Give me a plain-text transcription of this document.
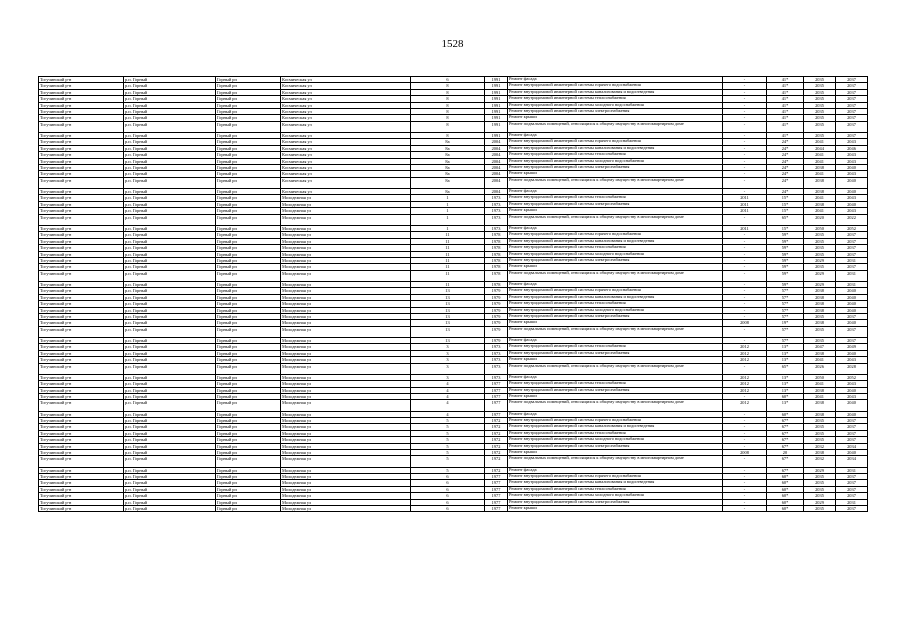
1528
Тогучинский р-н	р.п. Горный	Горный рп	Космическая ул	6	1991	Ремонт фасада	-	41*	2035	2037
Тогучинский р-н	р.п. Горный	Горный рп	Космическая ул	8	1991	Ремонт внутридомовой инженерной системы горячего водоснабжения	-	41*	2035	2037
Тогучинский р-н	р.п. Горный	Горный рп	Космическая ул	8	1991	Ремонт внутридомовой инженерной системы канализования и водоотведения	-	41*	2035	2037
Тогучинский р-н	р.п. Горный	Горный рп	Космическая ул	8	1991	Ремонт внутридомовой инженерной системы теплоснабжения	-	41*	2035	2037
Тогучинский р-н	р.п. Горный	Горный рп	Космическая ул	8	1991	Ремонт внутридомовой инженерной системы холодного водоснабжения	-	41*	2035	2037
Тогучинский р-н	р.п. Горный	Горный рп	Космическая ул	8	1991	Ремонт внутридомовой инженерной системы электроснабжения	-	41*	2035	2037
Тогучинский р-н	р.п. Горный	Горный рп	Космическая ул	8	1991	Ремонт крыши	-	41*	2035	2037
Тогучинский р-н	р.п. Горный	Горный рп	Космическая ул	8	1991	Ремонт подвальных помещений, относящихся к общему имуществу в многоквартирном доме	-	41*	2035	2037
Тогучинский р-н	р.п. Горный	Горный рп	Космическая ул	8	1991	Ремонт фасада	-	41*	2035	2037
Тогучинский р-н	р.п. Горный	Горный рп	Космическая ул	8а	2004	Ремонт внутридомовой инженерной системы горячего водоснабжения	-	24*	2041	2043
Тогучинский р-н	р.п. Горный	Горный рп	Космическая ул	8а	2004	Ремонт внутридомовой инженерной системы канализования и водоотведения	-	24*	2044	2046
Тогучинский р-н	р.п. Горный	Горный рп	Космическая ул	8а	2004	Ремонт внутридомовой инженерной системы теплоснабжения	-	24*	2041	2043
Тогучинский р-н	р.п. Горный	Горный рп	Космическая ул	8а	2004	Ремонт внутридомовой инженерной системы холодного водоснабжения	-	24*	2041	2043
Тогучинский р-н	р.п. Горный	Горный рп	Космическая ул	8а	2004	Ремонт внутридомовой инженерной системы электроснабжения	-	24*	2038	2040
Тогучинский р-н	р.п. Горный	Горный рп	Космическая ул	8а	2004	Ремонт крыши	-	24*	2041	2043
Тогучинский р-н	р.п. Горный	Горный рп	Космическая ул	8а	2004	Ремонт подвальных помещений, относящихся к общему имуществу в многоквартирном доме	-	24*	2038	2040
Тогучинский р-н	р.п. Горный	Горный рп	Космическая ул	8а	2004	Ремонт фасада	-	24*	2038	2040
Тогучинский р-н	р.п. Горный	Горный рп	Молодежная ул	1	1973	Ремонт внутридомовой инженерной системы теплоснабжения	2011	15*	2041	2043
Тогучинский р-н	р.п. Горный	Горный рп	Молодежная ул	1	1973	Ремонт внутридомовой инженерной системы электроснабжения	2011	15*	2038	2040
Тогучинский р-н	р.п. Горный	Горный рп	Молодежная ул	1	1973	Ремонт крыши	2011	15*	2041	2043
Тогучинский р-н	р.п. Горный	Горный рп	Молодежная ул	1	1973	Ремонт подвальных помещений, относящихся к общему имуществу в многоквартирном доме	-	65*	2020	2022
Тогучинский р-н	р.п. Горный	Горный рп	Молодежная ул	1	1973	Ремонт фасада	2011	15*	2050	2052
Тогучинский р-н	р.п. Горный	Горный рп	Молодежная ул	11	1978	Ремонт внутридомовой инженерной системы горячего водоснабжения	-	59*	2035	2037
Тогучинский р-н	р.п. Горный	Горный рп	Молодежная ул	11	1978	Ремонт внутридомовой инженерной системы канализования и водоотведения	-	59*	2035	2037
Тогучинский р-н	р.п. Горный	Горный рп	Молодежная ул	11	1978	Ремонт внутридомовой инженерной системы теплоснабжения	-	59*	2035	2037
Тогучинский р-н	р.п. Горный	Горный рп	Молодежная ул	11	1978	Ремонт внутридомовой инженерной системы холодного водоснабжения	-	59*	2035	2037
Тогучинский р-н	р.п. Горный	Горный рп	Молодежная ул	11	1978	Ремонт внутридомовой инженерной системы электроснабжения	-	59*	2029	2031
Тогучинский р-н	р.п. Горный	Горный рп	Молодежная ул	11	1978	Ремонт крыши	-	59*	2035	2037
Тогучинский р-н	р.п. Горный	Горный рп	Молодежная ул	11	1978	Ремонт подвальных помещений, относящихся к общему имуществу в многоквартирном доме	-	59*	2029	2031
Тогучинский р-н	р.п. Горный	Горный рп	Молодежная ул	11	1978	Ремонт фасада	-	59*	2029	2031
Тогучинский р-н	р.п. Горный	Горный рп	Молодежная ул	13	1979	Ремонт внутридомовой инженерной системы горячего водоснабжения	-	57*	2038	2040
Тогучинский р-н	р.п. Горный	Горный рп	Молодежная ул	13	1979	Ремонт внутридомовой инженерной системы канализования и водоотведения	-	57*	2038	2040
Тогучинский р-н	р.п. Горный	Горный рп	Молодежная ул	13	1979	Ремонт внутридомовой инженерной системы теплоснабжения	-	57*	2038	2040
Тогучинский р-н	р.п. Горный	Горный рп	Молодежная ул	13	1979	Ремонт внутридомовой инженерной системы холодного водоснабжения	-	57*	2038	2040
Тогучинский р-н	р.п. Горный	Горный рп	Молодежная ул	13	1979	Ремонт внутридомовой инженерной системы электроснабжения	-	57*	2035	2037
Тогучинский р-н	р.п. Горный	Горный рп	Молодежная ул	13	1979	Ремонт крыши	2008	19*	2038	2040
Тогучинский р-н	р.п. Горный	Горный рп	Молодежная ул	13	1979	Ремонт подвальных помещений, относящихся к общему имуществу в многоквартирном доме	-	57*	2035	2037
Тогучинский р-н	р.п. Горный	Горный рп	Молодежная ул	13	1979	Ремонт фасада	-	57*	2035	2037
Тогучинский р-н	р.п. Горный	Горный рп	Молодежная ул	3	1973	Ремонт внутридомовой инженерной системы теплоснабжения	2012	13*	2047	2049
Тогучинский р-н	р.п. Горный	Горный рп	Молодежная ул	3	1973	Ремонт внутридомовой инженерной системы электроснабжения	2012	13*	2038	2040
Тогучинский р-н	р.п. Горный	Горный рп	Молодежная ул	3	1973	Ремонт крыши	2012	13*	2041	2043
Тогучинский р-н	р.п. Горный	Горный рп	Молодежная ул	3	1973	Ремонт подвальных помещений, относящихся к общему имуществу в многоквартирном доме	-	65*	2026	2028
Тогучинский р-н	р.п. Горный	Горный рп	Молодежная ул	3	1973	Ремонт фасада	2012	13*	2050	2052
Тогучинский р-н	р.п. Горный	Горный рп	Молодежная ул	4	1977	Ремонт внутридомовой инженерной системы теплоснабжения	2012	13*	2041	2043
Тогучинский р-н	р.п. Горный	Горный рп	Молодежная ул	4	1977	Ремонт внутридомовой инженерной системы электроснабжения	2012	13*	2038	2040
Тогучинский р-н	р.п. Горный	Горный рп	Молодежная ул	4	1977	Ремонт крыши	-	60*	2041	2043
Тогучинский р-н	р.п. Горный	Горный рп	Молодежная ул	4	1977	Ремонт подвальных помещений, относящихся к общему имуществу в многоквартирном доме	2012	13*	2038	2040
Тогучинский р-н	р.п. Горный	Горный рп	Молодежная ул	4	1977	Ремонт фасада	-	60*	2038	2040
Тогучинский р-н	р.п. Горный	Горный рп	Молодежная ул	5	1972	Ремонт внутридомовой инженерной системы горячего водоснабжения	-	67*	2035	2037
Тогучинский р-н	р.п. Горный	Горный рп	Молодежная ул	5	1972	Ремонт внутридомовой инженерной системы канализования и водоотведения	-	67*	2035	2037
Тогучинский р-н	р.п. Горный	Горный рп	Молодежная ул	5	1972	Ремонт внутридомовой инженерной системы теплоснабжения	-	67*	2035	2037
Тогучинский р-н	р.п. Горный	Горный рп	Молодежная ул	5	1972	Ремонт внутридомовой инженерной системы холодного водоснабжения	-	67*	2035	2037
Тогучинский р-н	р.п. Горный	Горный рп	Молодежная ул	5	1972	Ремонт внутридомовой инженерной системы электроснабжения	-	67*	2032	2034
Тогучинский р-н	р.п. Горный	Горный рп	Молодежная ул	5	1972	Ремонт крыши	2008	20	2038	2040
Тогучинский р-н	р.п. Горный	Горный рп	Молодежная ул	5	1972	Ремонт подвальных помещений, относящихся к общему имуществу в многоквартирном доме	-	67*	2032	2034
Тогучинский р-н	р.п. Горный	Горный рп	Молодежная ул	5	1972	Ремонт фасада	-	67*	2029	2031
Тогучинский р-н	р.п. Горный	Горный рп	Молодежная ул	6	1977	Ремонт внутридомовой инженерной системы горячего водоснабжения	-	60*	2035	2037
Тогучинский р-н	р.п. Горный	Горный рп	Молодежная ул	6	1977	Ремонт внутридомовой инженерной системы канализования и водоотведения	-	60*	2035	2037
Тогучинский р-н	р.п. Горный	Горный рп	Молодежная ул	6	1977	Ремонт внутридомовой инженерной системы теплоснабжения	-	60*	2035	2037
Тогучинский р-н	р.п. Горный	Горный рп	Молодежная ул	6	1977	Ремонт внутридомовой инженерной системы холодного водоснабжения	-	60*	2035	2037
Тогучинский р-н	р.п. Горный	Горный рп	Молодежная ул	6	1977	Ремонт внутридомовой инженерной системы электроснабжения	-	60*	2029	2031
Тогучинский р-н	р.п. Горный	Горный рп	Молодежная ул	6	1977	Ремонт крыши	-	60*	2035	2037
